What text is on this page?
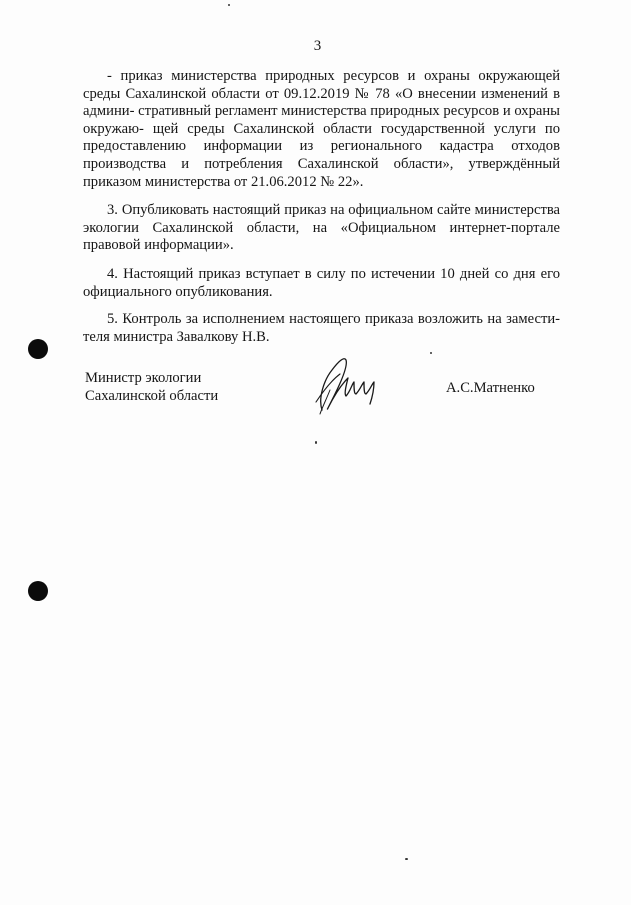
3

- приказ министерства природных ресурсов и охраны окружающей среды Сахалинской области от 09.12.2019 № 78 «О внесении изменений в админи- стративный регламент министерства природных ресурсов и охраны окружаю- щей среды Сахалинской области государственной услуги по предоставлению информации из регионального кадастра отходов производства и потребления Сахалинской области», утверждённый приказом министерства от 21.06.2012 № 22».

3. Опубликовать настоящий приказ на официальном сайте министерства экологии Сахалинской области, на «Официальном интернет-портале правовой информации».

4. Настоящий приказ вступает в силу по истечении 10 дней со дня его официального опубликования.

5. Контроль за исполнением настоящего приказа возложить на замести- теля министра Завалкову Н.В.

Министр экологии
Сахалинской области	А.С.Матненко
